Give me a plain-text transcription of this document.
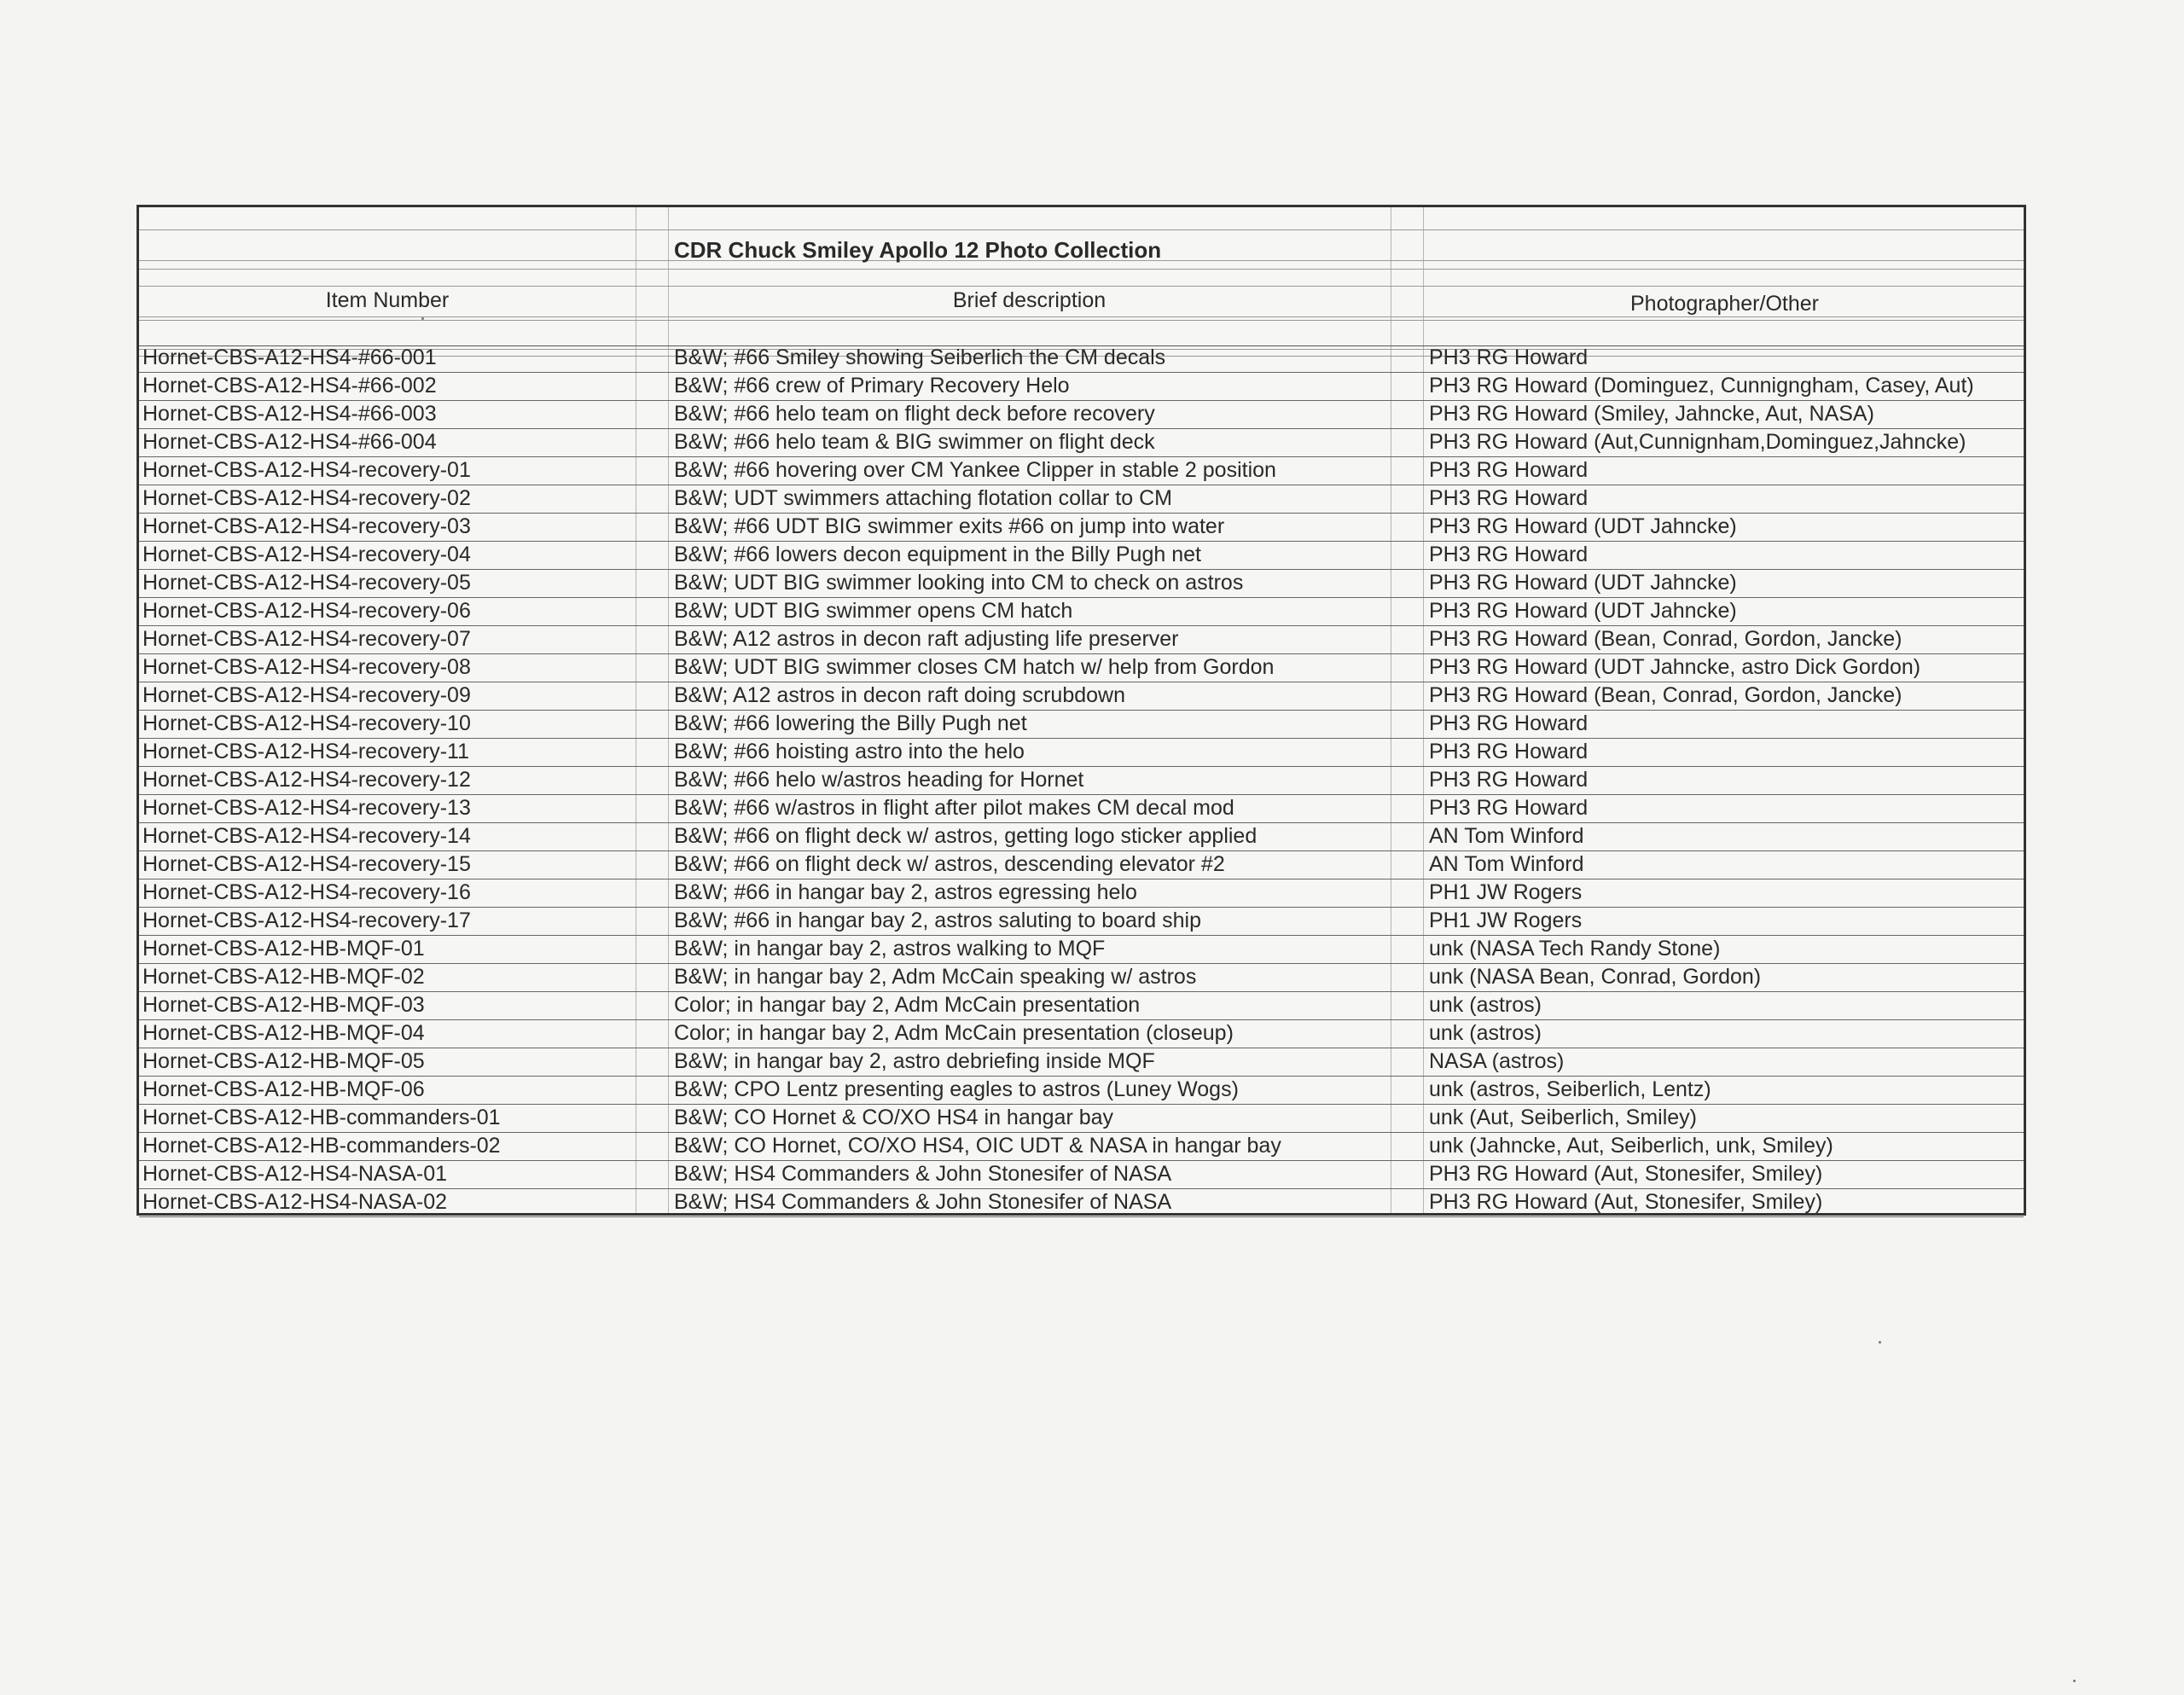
CDR Chuck Smiley Apollo 12 Photo Collection
Item Number	Brief description	Photographer/Other
Hornet-CBS-A12-HS4-#66-001	B&W; #66 Smiley showing Seiberlich the CM decals	PH3 RG Howard
Hornet-CBS-A12-HS4-#66-002	B&W; #66 crew of Primary Recovery Helo	PH3 RG Howard (Dominguez, Cunnigngham, Casey, Aut)
Hornet-CBS-A12-HS4-#66-003	B&W; #66 helo team on flight deck before recovery	PH3 RG Howard (Smiley, Jahncke, Aut, NASA)
Hornet-CBS-A12-HS4-#66-004	B&W; #66 helo team & BIG swimmer on flight deck	PH3 RG Howard (Aut,Cunnignham,Dominguez,Jahncke)
Hornet-CBS-A12-HS4-recovery-01	B&W; #66 hovering over CM Yankee Clipper in stable 2 position	PH3 RG Howard
Hornet-CBS-A12-HS4-recovery-02	B&W; UDT swimmers attaching flotation collar to CM	PH3 RG Howard
Hornet-CBS-A12-HS4-recovery-03	B&W; #66 UDT BIG swimmer exits #66 on jump into water	PH3 RG Howard (UDT Jahncke)
Hornet-CBS-A12-HS4-recovery-04	B&W; #66 lowers decon equipment in the Billy Pugh net	PH3 RG Howard
Hornet-CBS-A12-HS4-recovery-05	B&W; UDT BIG swimmer looking into CM to check on astros	PH3 RG Howard (UDT Jahncke)
Hornet-CBS-A12-HS4-recovery-06	B&W; UDT BIG swimmer opens CM hatch	PH3 RG Howard (UDT Jahncke)
Hornet-CBS-A12-HS4-recovery-07	B&W; A12 astros in decon raft adjusting life preserver	PH3 RG Howard (Bean, Conrad, Gordon, Jancke)
Hornet-CBS-A12-HS4-recovery-08	B&W; UDT BIG swimmer closes CM hatch w/ help from Gordon	PH3 RG Howard (UDT Jahncke, astro Dick Gordon)
Hornet-CBS-A12-HS4-recovery-09	B&W; A12 astros in decon raft doing scrubdown	PH3 RG Howard (Bean, Conrad, Gordon, Jancke)
Hornet-CBS-A12-HS4-recovery-10	B&W; #66 lowering the Billy Pugh net	PH3 RG Howard
Hornet-CBS-A12-HS4-recovery-11	B&W; #66 hoisting astro into the helo	PH3 RG Howard
Hornet-CBS-A12-HS4-recovery-12	B&W; #66 helo w/astros heading for Hornet	PH3 RG Howard
Hornet-CBS-A12-HS4-recovery-13	B&W; #66 w/astros in flight after pilot makes CM decal mod	PH3 RG Howard
Hornet-CBS-A12-HS4-recovery-14	B&W; #66 on flight deck w/ astros, getting logo sticker applied	AN Tom Winford
Hornet-CBS-A12-HS4-recovery-15	B&W; #66 on flight deck w/ astros, descending elevator #2	AN Tom Winford
Hornet-CBS-A12-HS4-recovery-16	B&W; #66 in hangar bay 2, astros egressing helo	PH1 JW Rogers
Hornet-CBS-A12-HS4-recovery-17	B&W; #66 in hangar bay 2, astros saluting to board ship	PH1 JW Rogers
Hornet-CBS-A12-HB-MQF-01	B&W; in hangar bay 2, astros walking to MQF	unk (NASA Tech Randy Stone)
Hornet-CBS-A12-HB-MQF-02	B&W; in hangar bay 2, Adm McCain speaking w/ astros	unk (NASA Bean, Conrad, Gordon)
Hornet-CBS-A12-HB-MQF-03	Color; in hangar bay 2, Adm McCain presentation	unk (astros)
Hornet-CBS-A12-HB-MQF-04	Color; in hangar bay 2, Adm McCain presentation (closeup)	unk (astros)
Hornet-CBS-A12-HB-MQF-05	B&W; in hangar bay 2, astro debriefing inside MQF	NASA (astros)
Hornet-CBS-A12-HB-MQF-06	B&W; CPO Lentz presenting eagles to astros (Luney Wogs)	unk (astros, Seiberlich, Lentz)
Hornet-CBS-A12-HB-commanders-01	B&W; CO Hornet & CO/XO HS4 in hangar bay	unk (Aut, Seiberlich, Smiley)
Hornet-CBS-A12-HB-commanders-02	B&W; CO Hornet, CO/XO HS4, OIC UDT & NASA in hangar bay	unk (Jahncke, Aut, Seiberlich, unk, Smiley)
Hornet-CBS-A12-HS4-NASA-01	B&W; HS4 Commanders & John Stonesifer of NASA	PH3 RG Howard (Aut, Stonesifer, Smiley)
Hornet-CBS-A12-HS4-NASA-02	B&W; HS4 Commanders & John Stonesifer of NASA	PH3 RG Howard (Aut, Stonesifer, Smiley)
